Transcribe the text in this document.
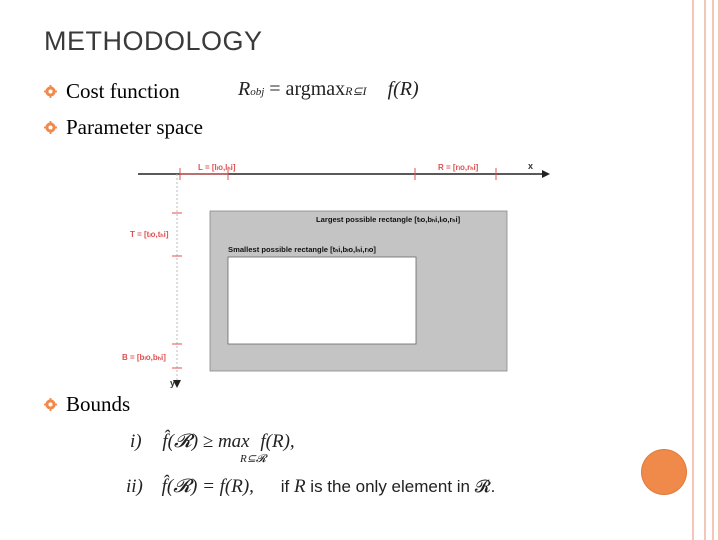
METHODOLOGY
Cost function	Robj = argmaxR⊆I f(R)
Parameter space
x
L = [lₗo,lₕi]	R = [rₗo,rₕi]
y
T = [tₗo,tₕi]
B = [bₗo,bₕi]
Largest possible rectangle [tₗo,bₕi,lₗo,rₕi]
Smallest possible rectangle [tₕi,bₗo,lₕi,rₗo]
Bounds
i) f̂(𝓡) ≥ max f(R),
R⊆𝓡
ii) f̂(𝓡) = f(R), if R is the only element in 𝓡.
